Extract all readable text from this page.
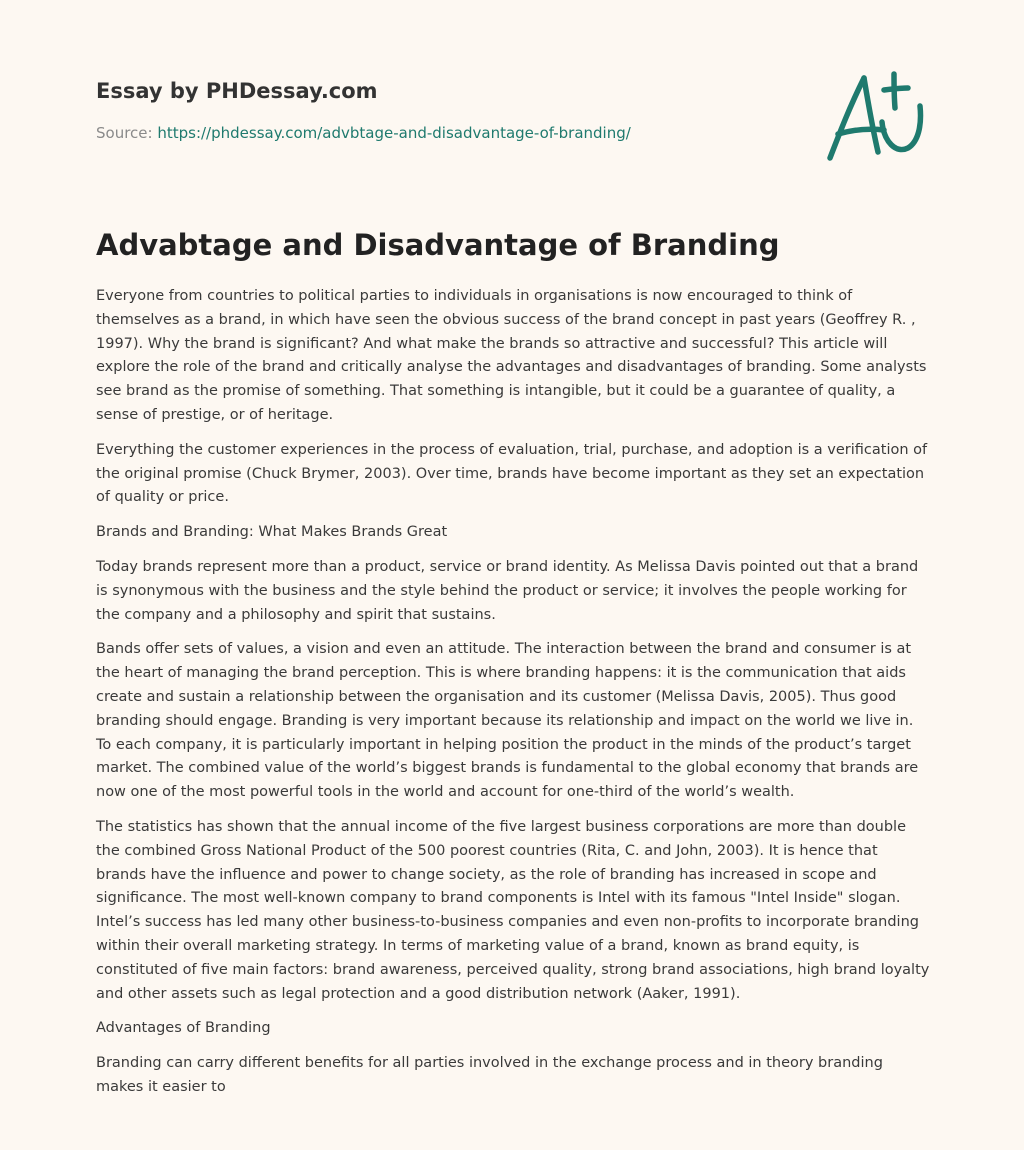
Essay by PHDessay.com

Source: https://phdessay.com/advbtage-and-disadvantage-of-branding/

Advabtage and Disadvantage of Branding

Everyone from countries to political parties to individuals in organisations is now encouraged to think of themselves as a brand, in which have seen the obvious success of the brand concept in past years (Geoffrey R. , 1997). Why the brand is significant? And what make the brands so attractive and successful? This article will explore the role of the brand and critically analyse the advantages and disadvantages of branding. Some analysts see brand as the promise of something. That something is intangible, but it could be a guarantee of quality, a sense of prestige, or of heritage.

Everything the customer experiences in the process of evaluation, trial, purchase, and adoption is a verification of the original promise (Chuck Brymer, 2003). Over time, brands have become important as they set an expectation of quality or price.

Brands and Branding: What Makes Brands Great

Today brands represent more than a product, service or brand identity. As Melissa Davis pointed out that a brand is synonymous with the business and the style behind the product or service; it involves the people working for the company and a philosophy and spirit that sustains.

Bands offer sets of values, a vision and even an attitude. The interaction between the brand and consumer is at the heart of managing the brand perception. This is where branding happens: it is the communication that aids create and sustain a relationship between the organisation and its customer (Melissa Davis, 2005). Thus good branding should engage. Branding is very important because its relationship and impact on the world we live in. To each company, it is particularly important in helping position the product in the minds of the product’s target market. The combined value of the world’s biggest brands is fundamental to the global economy that brands are now one of the most powerful tools in the world and account for one-third of the world’s wealth.

The statistics has shown that the annual income of the five largest business corporations are more than double the combined Gross National Product of the 500 poorest countries (Rita, C. and John, 2003). It is hence that brands have the influence and power to change society, as the role of branding has increased in scope and significance. The most well-known company to brand components is Intel with its famous "Intel Inside" slogan. Intel’s success has led many other business-to-business companies and even non-profits to incorporate branding within their overall marketing strategy. In terms of marketing value of a brand, known as brand equity, is constituted of five main factors: brand awareness, perceived quality, strong brand associations, high brand loyalty and other assets such as legal protection and a good distribution network (Aaker, 1991).

Advantages of Branding

Branding can carry different benefits for all parties involved in the exchange process and in theory branding makes it easier to
